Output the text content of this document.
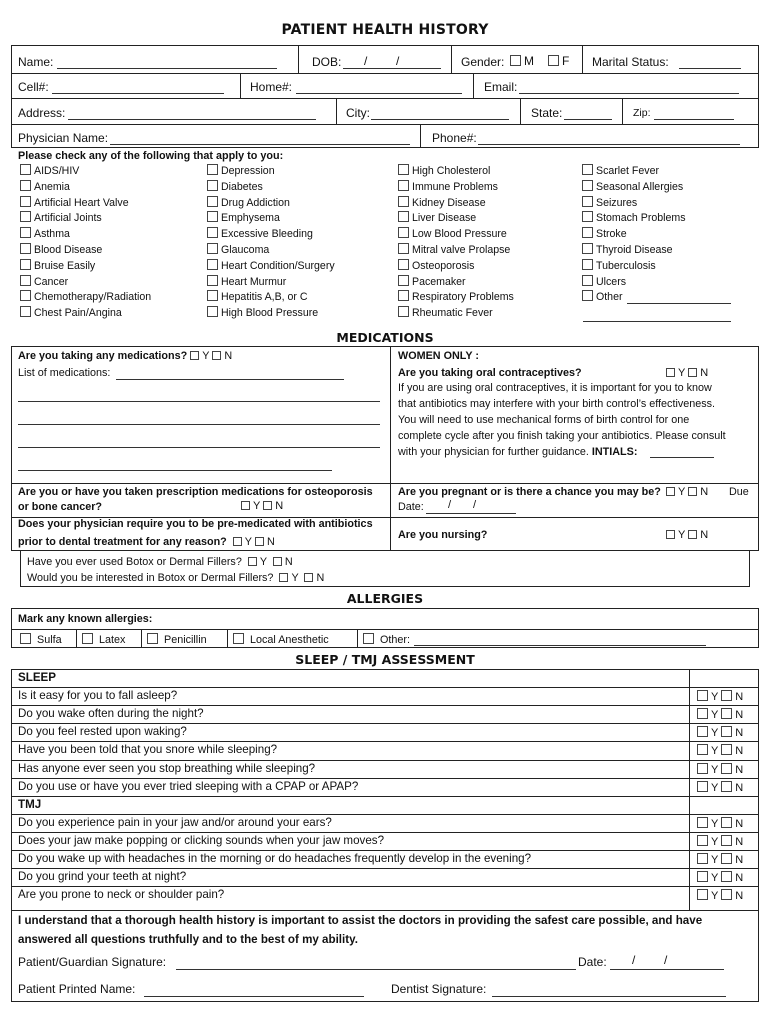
PATIENT HEALTH HISTORY
Name:	DOB: / /	Gender:	M	F Marital Status:
Cell#:	Home#:	Email:
Address:	City:	State:	Zip:
Physician Name:	Phone#:
Please check any of the following that apply to you:
AIDS/HIV
Anemia
Artificial Heart Valve
Artificial Joints
Asthma
Blood Disease
Bruise Easily
Cancer
Chemotherapy/Radiation
Chest Pain/Angina
Depression
Diabetes
Drug Addiction
Emphysema
Excessive Bleeding
Glaucoma
Heart Condition/Surgery
Heart Murmur
Hepatitis A,B, or C
High Blood Pressure
High Cholesterol
Immune Problems
Kidney Disease
Liver Disease
Low Blood Pressure
Mitral valve Prolapse
Osteoporosis
Pacemaker
Respiratory Problems
Rheumatic Fever
Scarlet Fever
Seasonal Allergies
Seizures
Stomach Problems
Stroke
Thyroid Disease
Tuberculosis
Ulcers
Other
MEDICATIONS
Are you taking any medications? Y N
List of medications:
Are you or have you taken prescription medications for osteoporosis
or bone cancer?	Y N
Does your physician require you to be pre-medicated with antibiotics
prior to dental treatment for any reason? Y N
WOMEN ONLY :
Are you taking oral contraceptives?	Y N
If you are using oral contraceptives, it is important for you to know
that antibiotics may interfere with your birth control’s effectiveness.
You will need to use mechanical forms of birth control for one
complete cycle after you finish taking your antibiotics. Please consult
with your physician for further guidance. INTIALS:
Are you pregnant or is there a chance you may be?	Y N Due
Date: / /
Are you nursing?	Y N
Have you ever used Botox or Dermal Fillers? Y N
Would you be interested in Botox or Dermal Fillers? Y N
ALLERGIES
Mark any known allergies:
Sulfa	Latex	Penicillin	Local Anesthetic	Other:
SLEEP / TMJ ASSESSMENT
SLEEP
Is it easy for you to fall asleep?	Y N
Do you wake often during the night?	Y N
Do you feel rested upon waking?	Y N
Have you been told that you snore while sleeping?	Y N
Has anyone ever seen you stop breathing while sleeping?	Y N
Do you use or have you ever tried sleeping with a CPAP or APAP?	Y N
TMJ
Do you experience pain in your jaw and/or around your ears?	Y N
Does your jaw make popping or clicking sounds when your jaw moves?	Y N
Do you wake up with headaches in the morning or do headaches frequently develop in the evening?	Y N
Do you grind your teeth at night?	Y N
Are you prone to neck or shoulder pain?	Y N
I understand that a thorough health history is important to assist the doctors in providing the safest care possible, and have
answered all questions truthfully and to the best of my ability.
Patient/Guardian Signature:	Date: / /
Patient Printed Name:	Dentist Signature:
